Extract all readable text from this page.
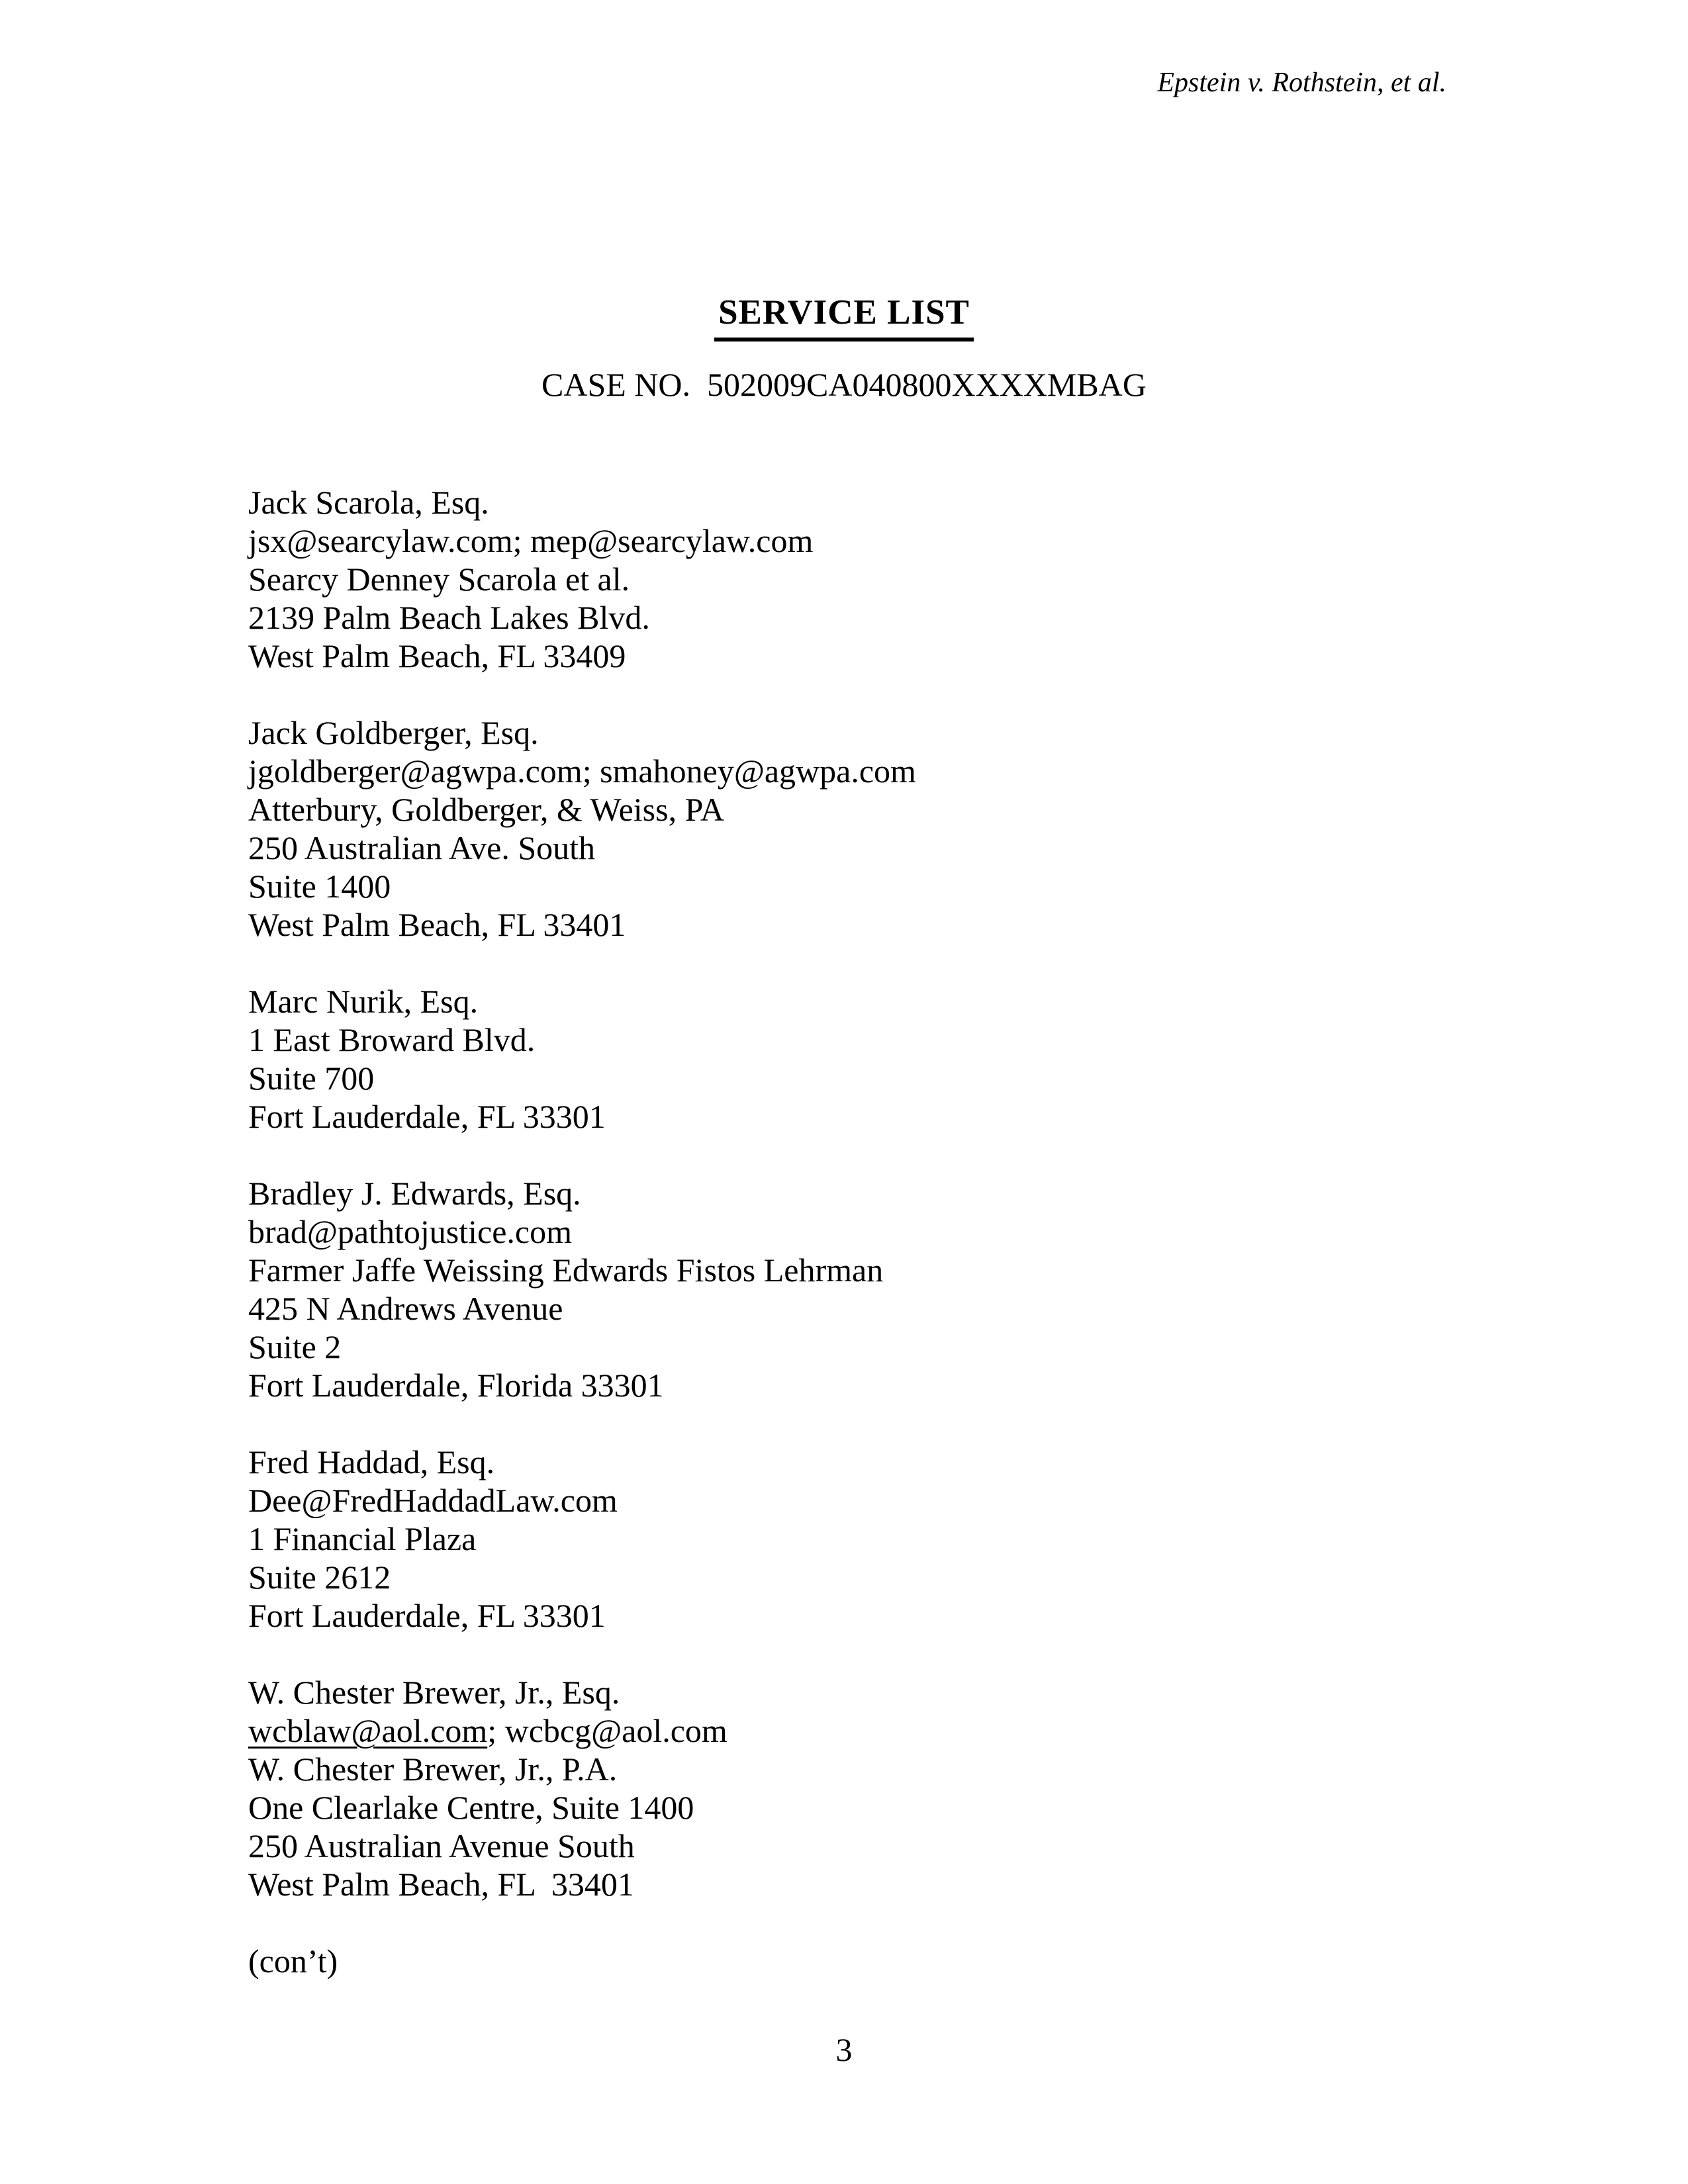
Epstein v. Rothstein, et al.
SERVICE LIST
CASE NO.  502009CA040800XXXXMBAG
Jack Scarola, Esq.
jsx@searcylaw.com; mep@searcylaw.com
Searcy Denney Scarola et al.
2139 Palm Beach Lakes Blvd.
West Palm Beach, FL 33409
Jack Goldberger, Esq.
jgoldberger@agwpa.com; smahoney@agwpa.com
Atterbury, Goldberger, & Weiss, PA
250 Australian Ave. South
Suite 1400
West Palm Beach, FL 33401
Marc Nurik, Esq.
1 East Broward Blvd.
Suite 700
Fort Lauderdale, FL 33301
Bradley J. Edwards, Esq.
brad@pathtojustice.com
Farmer Jaffe Weissing Edwards Fistos Lehrman
425 N Andrews Avenue
Suite 2
Fort Lauderdale, Florida 33301
Fred Haddad, Esq.
Dee@FredHaddadLaw.com
1 Financial Plaza
Suite 2612
Fort Lauderdale, FL 33301
W. Chester Brewer, Jr., Esq.
wcblaw@aol.com; wcbcg@aol.com
W. Chester Brewer, Jr., P.A.
One Clearlake Centre, Suite 1400
250 Australian Avenue South
West Palm Beach, FL  33401
(con’t)
3
